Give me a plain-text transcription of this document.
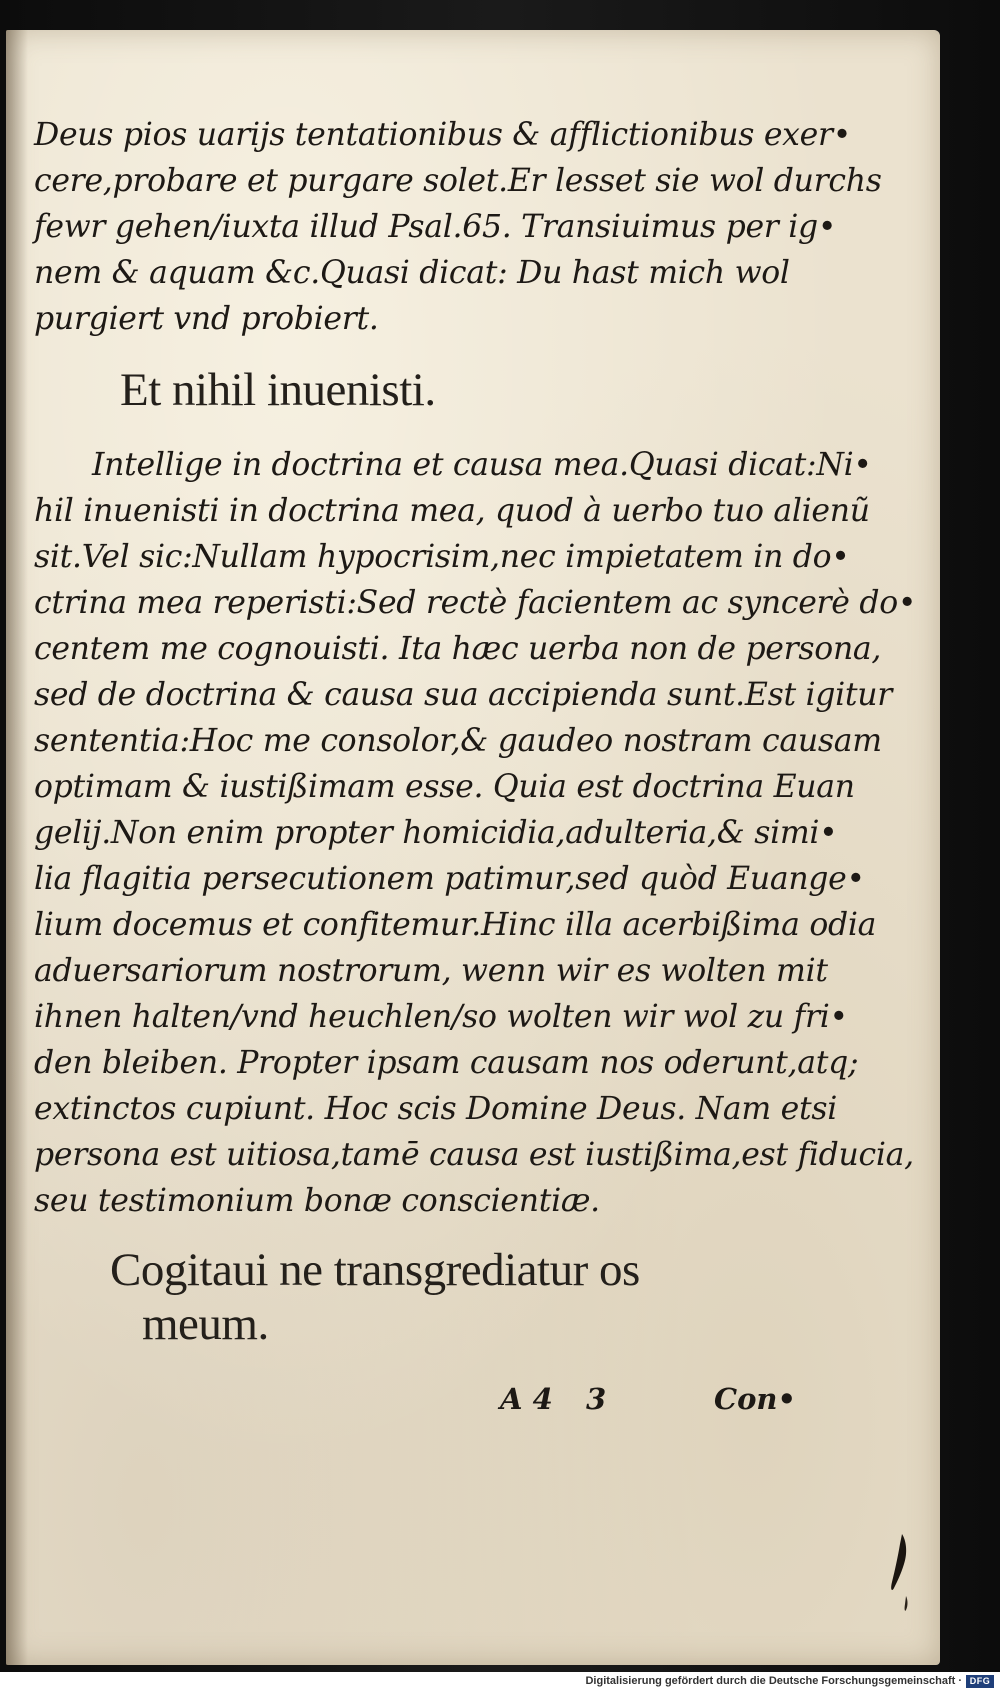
Deus pios uarijs tentationibus & afflictionibus exer•
cere,probare et purgare solet.Er lesset sie wol durchs
fewr gehen/iuxta illud Psal.65. Transiuimus per ig•
nem & aquam &c.Quasi dicat: Du hast mich wol
purgiert vnd probiert.
Et nihil inuenisti.
Intellige in doctrina et causa mea.Quasi dicat:Ni•
hil inuenisti in doctrina mea, quod à uerbo tuo alienũ
sit.Vel sic:Nullam hypocrisim,nec impietatem in do•
ctrina mea reperisti:Sed rectè facientem ac syncerè do•
centem me cognouisti. Ita hæc uerba non de persona,
sed de doctrina & causa sua accipienda sunt.Est igitur
sententia:Hoc me consolor,& gaudeo nostram causam
optimam & iustißimam esse. Quia est doctrina Euan
gelij.Non enim propter homicidia,adulteria,& simi•
lia flagitia persecutionem patimur,sed quòd Euange•
lium docemus et confitemur.Hinc illa acerbißima odia
aduersariorum nostrorum, wenn wir es wolten mit
ihnen halten/vnd heuchlen/so wolten wir wol zu fri•
den bleiben. Propter ipsam causam nos oderunt,atq;
extinctos cupiunt. Hoc scis Domine Deus. Nam etsi
persona est uitiosa,tamē causa est iustißima,est fiducia,
seu testimonium bonæ conscientiæ.
Cogitaui ne transgrediatur os
meum.
A 4 3	Con•
Digitalisierung gefördert durch die Deutsche Forschungsgemeinschaft · DFG
